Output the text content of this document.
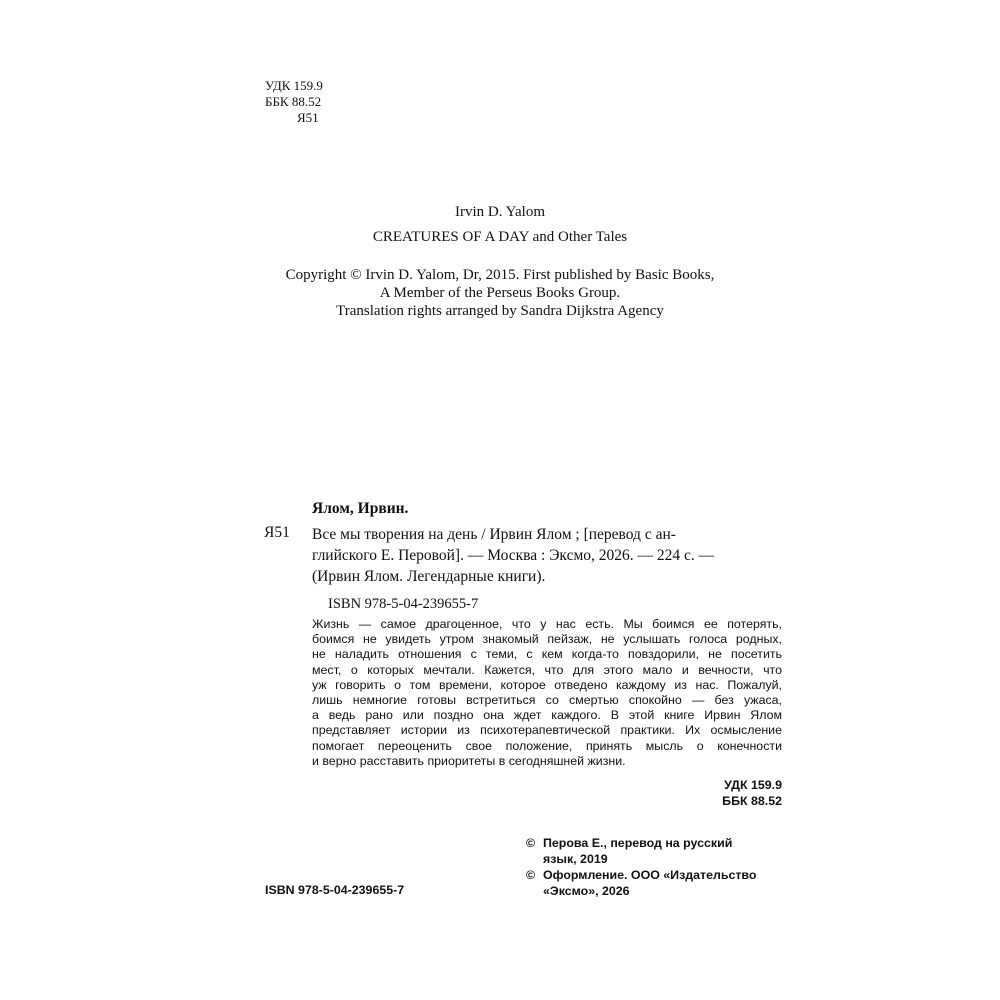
УДК 159.9
ББК 88.52
Я51
Irvin D. Yalom
CREATURES OF A DAY and Other Tales
Copyright © Irvin D. Yalom, Dr, 2015. First published by Basic Books,
A Member of the Perseus Books Group.
Translation rights arranged by Sandra Dijkstra Agency
Ялом, Ирвин.
Я51 Все мы творения на день / Ирвин Ялом ; [перевод с ан-
глийского Е. Перовой]. — Москва : Эксмо, 2026. — 224 с. —
(Ирвин Ялом. Легендарные книги).
ISBN 978-5-04-239655-7
Жизнь — самое драгоценное, что у нас есть. Мы боимся ее потерять,
боимся не увидеть утром знакомый пейзаж, не услышать голоса родных,
не наладить отношения с теми, с кем когда-то повздорили, не посетить
мест, о которых мечтали. Кажется, что для этого мало и вечности, что
уж говорить о том времени, которое отведено каждому из нас. Пожалуй,
лишь немногие готовы встретиться со смертью спокойно — без ужаса,
а ведь рано или поздно она ждет каждого. В этой книге Ирвин Ялом
представляет истории из психотерапевтической практики. Их осмысление
помогает переоценить свое положение, принять мысль о конечности
и верно расставить приоритеты в сегодняшней жизни.
УДК 159.9
ББК 88.52
© Перова Е., перевод на русский
язык, 2019
© Оформление. ООО «Издательство
«Эксмо», 2026
ISBN 978-5-04-239655-7
